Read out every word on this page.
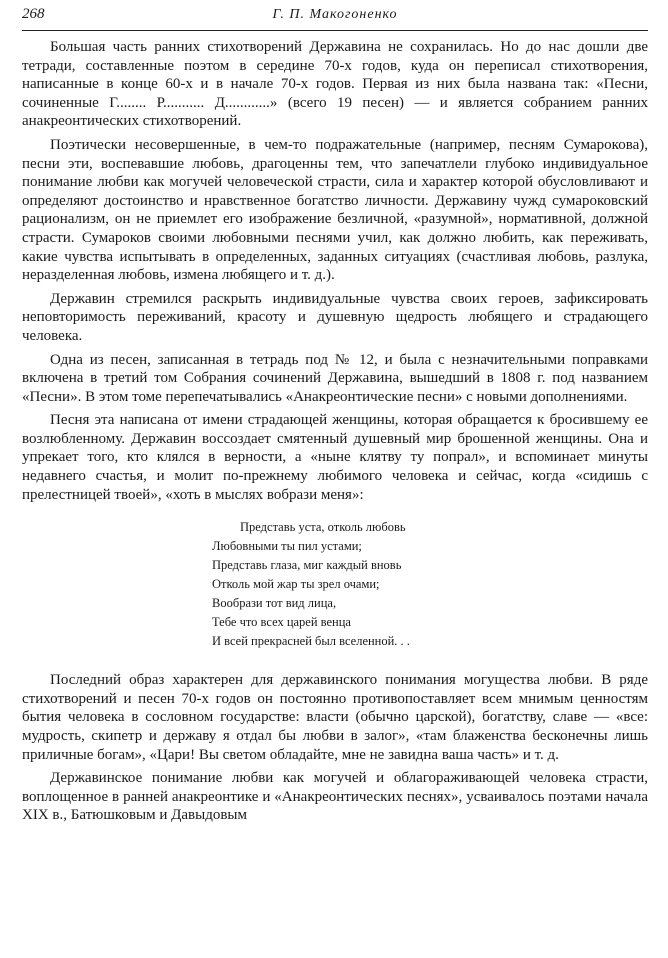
268	Г. П. Макогоненко

Большая часть ранних стихотворений Державина не сохранилась. Но до нас дошли две тетради, составленные поэтом в середине 70-х годов, куда он переписал стихотворения, написанные в конце 60-х и в начале 70-х годов. Первая из них была названа так: «Песни, сочиненные Г........ Р........... Д............» (всего 19 песен) — и является собранием ранних анакреонтических стихотворений.

Поэтически несовершенные, в чем-то подражательные (например, песням Сумарокова), песни эти, воспевавшие любовь, драгоценны тем, что запечатлели глубоко индивидуальное понимание любви как могучей человеческой страсти, сила и характер которой обусловливают и определяют достоинство и нравственное богатство личности. Державину чужд сумароковский рационализм, он не приемлет его изображение безличной, «разумной», нормативной, должной страсти. Сумароков своими любовными песнями учил, как должно любить, как переживать, какие чувства испытывать в определенных, заданных ситуациях (счастливая любовь, разлука, неразделенная любовь, измена любящего и т. д.).

Державин стремился раскрыть индивидуальные чувства своих героев, зафиксировать неповторимость переживаний, красоту и душевную щедрость любящего и страдающего человека.

Одна из песен, записанная в тетрадь под № 12, и была с незначительными поправками включена в третий том Собрания сочинений Державина, вышедший в 1808 г. под названием «Песни». В этом томе перепечатывались «Анакреонтические песни» с новыми дополнениями.

Песня эта написана от имени страдающей женщины, которая обращается к бросившему ее возлюбленному. Державин воссоздает смятенный душевный мир брошенной женщины. Она и упрекает того, кто клялся в верности, а «ныне клятву ту попрал», и вспоминает минуты недавнего счастья, и молит по-прежнему любимого человека и сейчас, когда «сидишь с прелестницей твоей», «хоть в мыслях вобрази меня»:

Представь уста, отколь любовь
Любовными ты пил устами;
Представь глаза, миг каждый вновь
Отколь мой жар ты зрел очами;
Вообрази тот вид лица,
Тебе что всех царей венца
И всей прекрасней был вселенной. . .

Последний образ характерен для державинского понимания могущества любви. В ряде стихотворений и песен 70-х годов он постоянно противопоставляет всем мнимым ценностям бытия человека в сословном государстве: власти (обычно царской), богатству, славе — «все: мудрость, скипетр и державу я отдал бы любви в залог», «там блаженства бесконечны лишь приличные богам», «Цари! Вы светом обладайте, мне не завидна ваша часть» и т. д.

Державинское понимание любви как могучей и облагораживающей человека страсти, воплощенное в ранней анакреонтике и «Анакреонтических песнях», усваивалось поэтами начала XIX в., Батюшковым и Давыдовым
